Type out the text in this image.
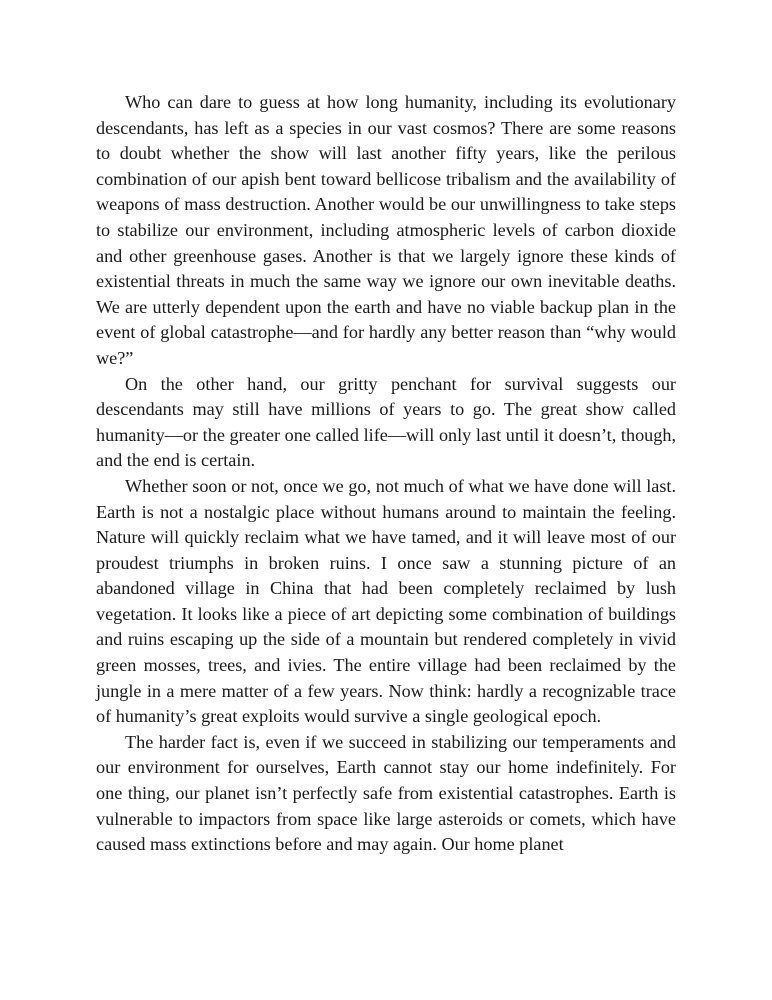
Who can dare to guess at how long humanity, including its evolutionary descendants, has left as a species in our vast cosmos? There are some reasons to doubt whether the show will last another fifty years, like the perilous combination of our apish bent toward bellicose tribalism and the availability of weapons of mass destruction. Another would be our unwillingness to take steps to stabilize our environment, including atmospheric levels of carbon dioxide and other greenhouse gases. Another is that we largely ignore these kinds of existential threats in much the same way we ignore our own inevitable deaths. We are utterly dependent upon the earth and have no viable backup plan in the event of global catastrophe—and for hardly any better reason than “why would we?”

On the other hand, our gritty penchant for survival suggests our descendants may still have millions of years to go. The great show called humanity—or the greater one called life—will only last until it doesn’t, though, and the end is certain.

Whether soon or not, once we go, not much of what we have done will last. Earth is not a nostalgic place without humans around to maintain the feeling. Nature will quickly reclaim what we have tamed, and it will leave most of our proudest triumphs in broken ruins. I once saw a stunning picture of an abandoned village in China that had been completely reclaimed by lush vegetation. It looks like a piece of art depicting some combination of buildings and ruins escaping up the side of a mountain but rendered completely in vivid green mosses, trees, and ivies. The entire village had been reclaimed by the jungle in a mere matter of a few years. Now think: hardly a recognizable trace of humanity’s great exploits would survive a single geological epoch.

The harder fact is, even if we succeed in stabilizing our temperaments and our environment for ourselves, Earth cannot stay our home indefinitely. For one thing, our planet isn’t perfectly safe from existential catastrophes. Earth is vulnerable to impactors from space like large asteroids or comets, which have caused mass extinctions before and may again. Our home planet
